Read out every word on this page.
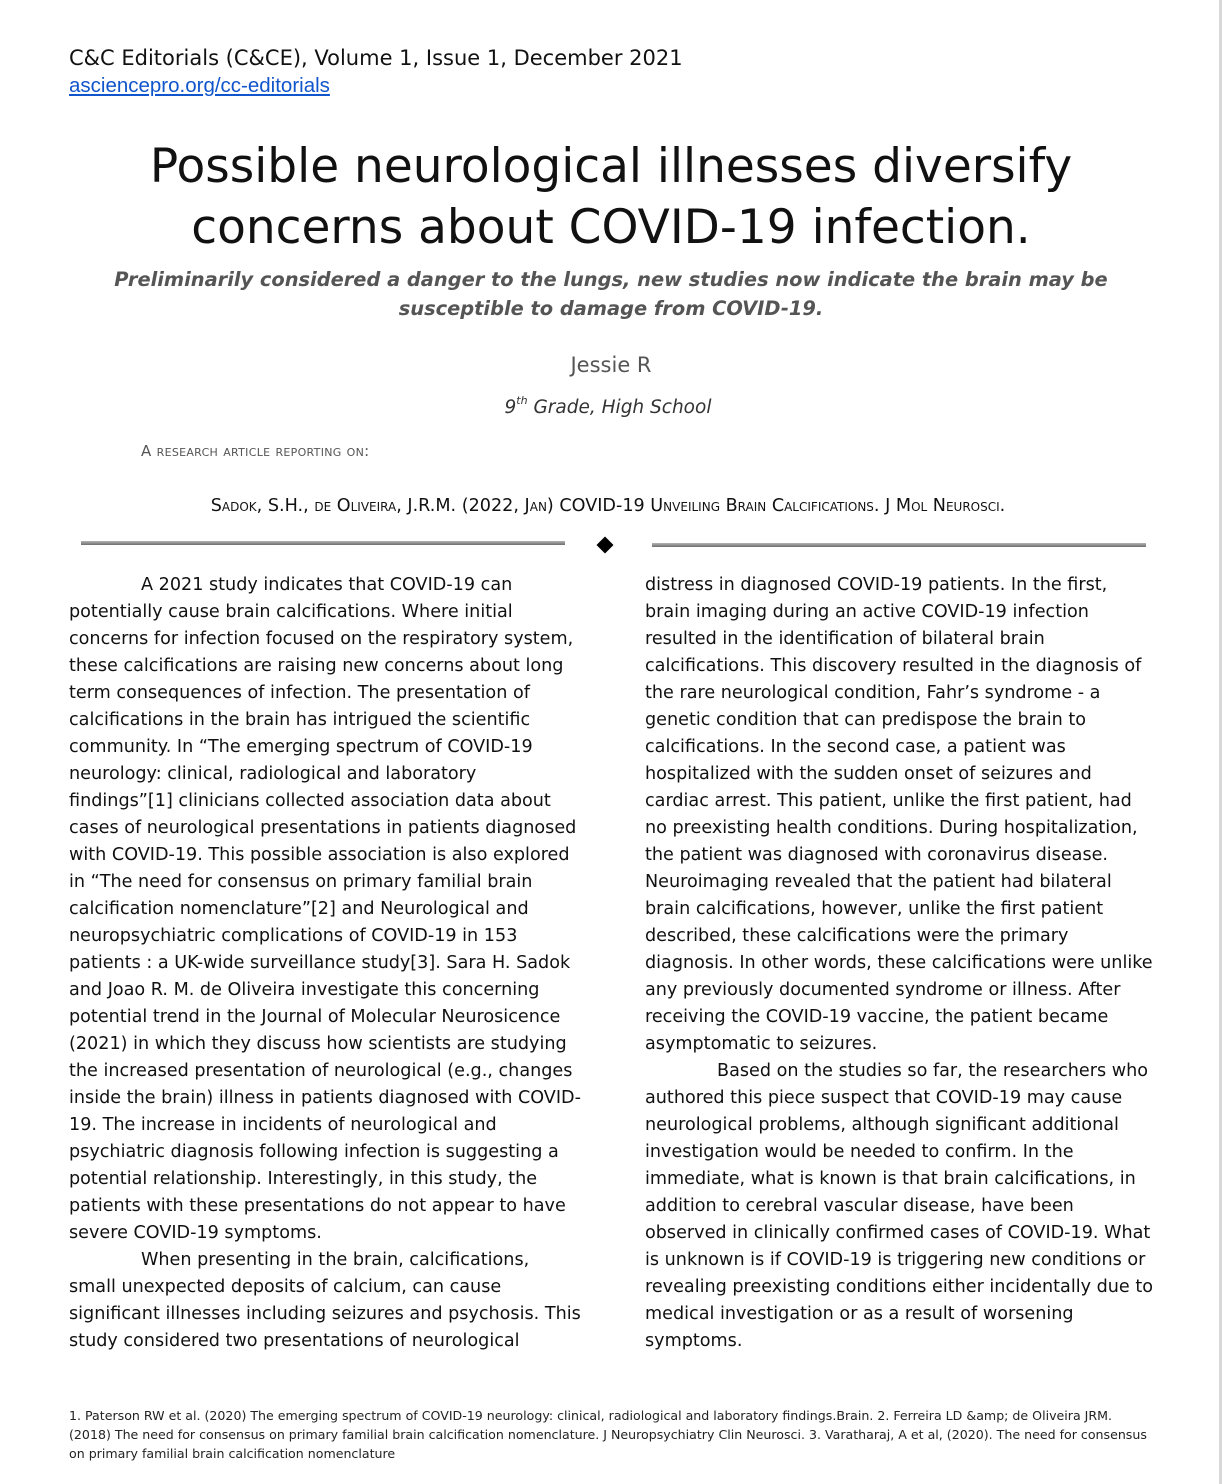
C&C Editorials (C&CE), Volume 1, Issue 1, December 2021
asciencepro.org/cc-editorials
Possible neurological illnesses diversify concerns about COVID-19 infection.
Preliminarily considered a danger to the lungs, new studies now indicate the brain may be susceptible to damage from COVID-19.
Jessie R
9th Grade, High School
A research article reporting on:
Sadok, S.H., de Oliveira, J.R.M. (2022, Jan) COVID-19 Unveiling Brain Calcifications. J Mol Neurosci.

A 2021 study indicates that COVID-19 can potentially cause brain calcifications. Where initial concerns for infection focused on the respiratory system, these calcifications are raising new concerns about long term consequences of infection. The presentation of calcifications in the brain has intrigued the scientific community. In “The emerging spectrum of COVID-19 neurology: clinical, radiological and laboratory findings”[1] clinicians collected association data about cases of neurological presentations in patients diagnosed with COVID-19. This possible association is also explored in “The need for consensus on primary familial brain calcification nomenclature”[2] and Neurological and neuropsychiatric complications of COVID-19 in 153 patients : a UK-wide surveillance study[3]. Sara H. Sadok and Joao R. M. de Oliveira investigate this concerning potential trend in the Journal of Molecular Neurosicence (2021) in which they discuss how scientists are studying the increased presentation of neurological (e.g., changes inside the brain) illness in patients diagnosed with COVID-19. The increase in incidents of neurological and psychiatric diagnosis following infection is suggesting a potential relationship. Interestingly, in this study, the patients with these presentations do not appear to have severe COVID-19 symptoms.

When presenting in the brain, calcifications, small unexpected deposits of calcium, can cause significant illnesses including seizures and psychosis. This study considered two presentations of neurological

distress in diagnosed COVID-19 patients. In the first, brain imaging during an active COVID-19 infection resulted in the identification of bilateral brain calcifications. This discovery resulted in the diagnosis of the rare neurological condition, Fahr’s syndrome - a genetic condition that can predispose the brain to calcifications. In the second case, a patient was hospitalized with the sudden onset of seizures and cardiac arrest. This patient, unlike the first patient, had no preexisting health conditions. During hospitalization, the patient was diagnosed with coronavirus disease. Neuroimaging revealed that the patient had bilateral brain calcifications, however, unlike the first patient described, these calcifications were the primary diagnosis. In other words, these calcifications were unlike any previously documented syndrome or illness. After receiving the COVID-19 vaccine, the patient became asymptomatic to seizures.

Based on the studies so far, the researchers who authored this piece suspect that COVID-19 may cause neurological problems, although significant additional investigation would be needed to confirm. In the immediate, what is known is that brain calcifications, in addition to cerebral vascular disease, have been observed in clinically confirmed cases of COVID-19. What is unknown is if COVID-19 is triggering new conditions or revealing preexisting conditions either incidentally due to medical investigation or as a result of worsening symptoms.

1. Paterson RW et al. (2020) The emerging spectrum of COVID-19 neurology: clinical, radiological and laboratory findings.Brain. 2. Ferreira LD &amp; de Oliveira JRM. (2018) The need for consensus on primary familial brain calcification nomenclature. J Neuropsychiatry Clin Neurosci. 3. Varatharaj, A et al, (2020). The need for consensus on primary familial brain calcification nomenclature
